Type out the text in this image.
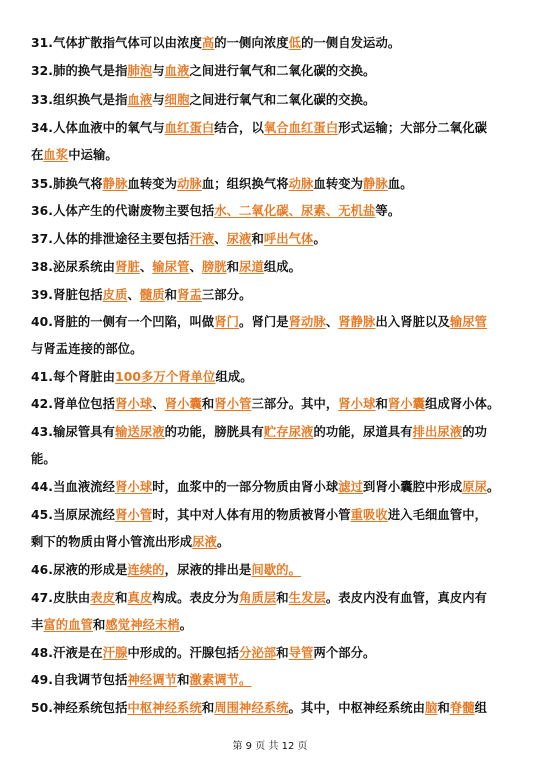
31.气体扩散指气体可以由浓度高的一侧向浓度低的一侧自发运动。
32.肺的换气是指肺泡与血液之间进行氧气和二氧化碳的交换。
33.组织换气是指血液与细胞之间进行氧气和二氧化碳的交换。
34.人体血液中的氧气与血红蛋白结合，以氧合血红蛋白形式运输；大部分二氧化碳
在血浆中运输。
35.肺换气将静脉血转变为动脉血；组织换气将动脉血转变为静脉血。
36.人体产生的代谢废物主要包括水、二氧化碳、尿素、无机盐等。
37.人体的排泄途径主要包括汗液、尿液和呼出气体。
38.泌尿系统由肾脏、输尿管、膀胱和尿道组成。
39.肾脏包括皮质、髓质和肾盂三部分。
40.肾脏的一侧有一个凹陷，叫做肾门。肾门是肾动脉、肾静脉出入肾脏以及输尿管
与肾盂连接的部位。
41.每个肾脏由100多万个肾单位组成。
42.肾单位包括肾小球、肾小囊和肾小管三部分。其中，肾小球和肾小囊组成肾小体。
43.输尿管具有输送尿液的功能，膀胱具有贮存尿液的功能，尿道具有排出尿液的功
能。
44.当血液流经肾小球时，血浆中的一部分物质由肾小球滤过到肾小囊腔中形成原尿。
45.当原尿流经肾小管时，其中对人体有用的物质被肾小管重吸收进入毛细血管中，
剩下的物质由肾小管流出形成尿液。
46.尿液的形成是连续的，尿液的排出是间歇的。
47.皮肤由表皮和真皮构成。表皮分为角质层和生发层。表皮内没有血管，真皮内有
丰富的血管和感觉神经末梢。
48.汗液是在汗腺中形成的。汗腺包括分泌部和导管两个部分。
49.自我调节包括神经调节和激素调节。
50.神经系统包括中枢神经系统和周围神经系统。其中，中枢神经系统由脑和脊髓组
第 9 页 共 12 页
